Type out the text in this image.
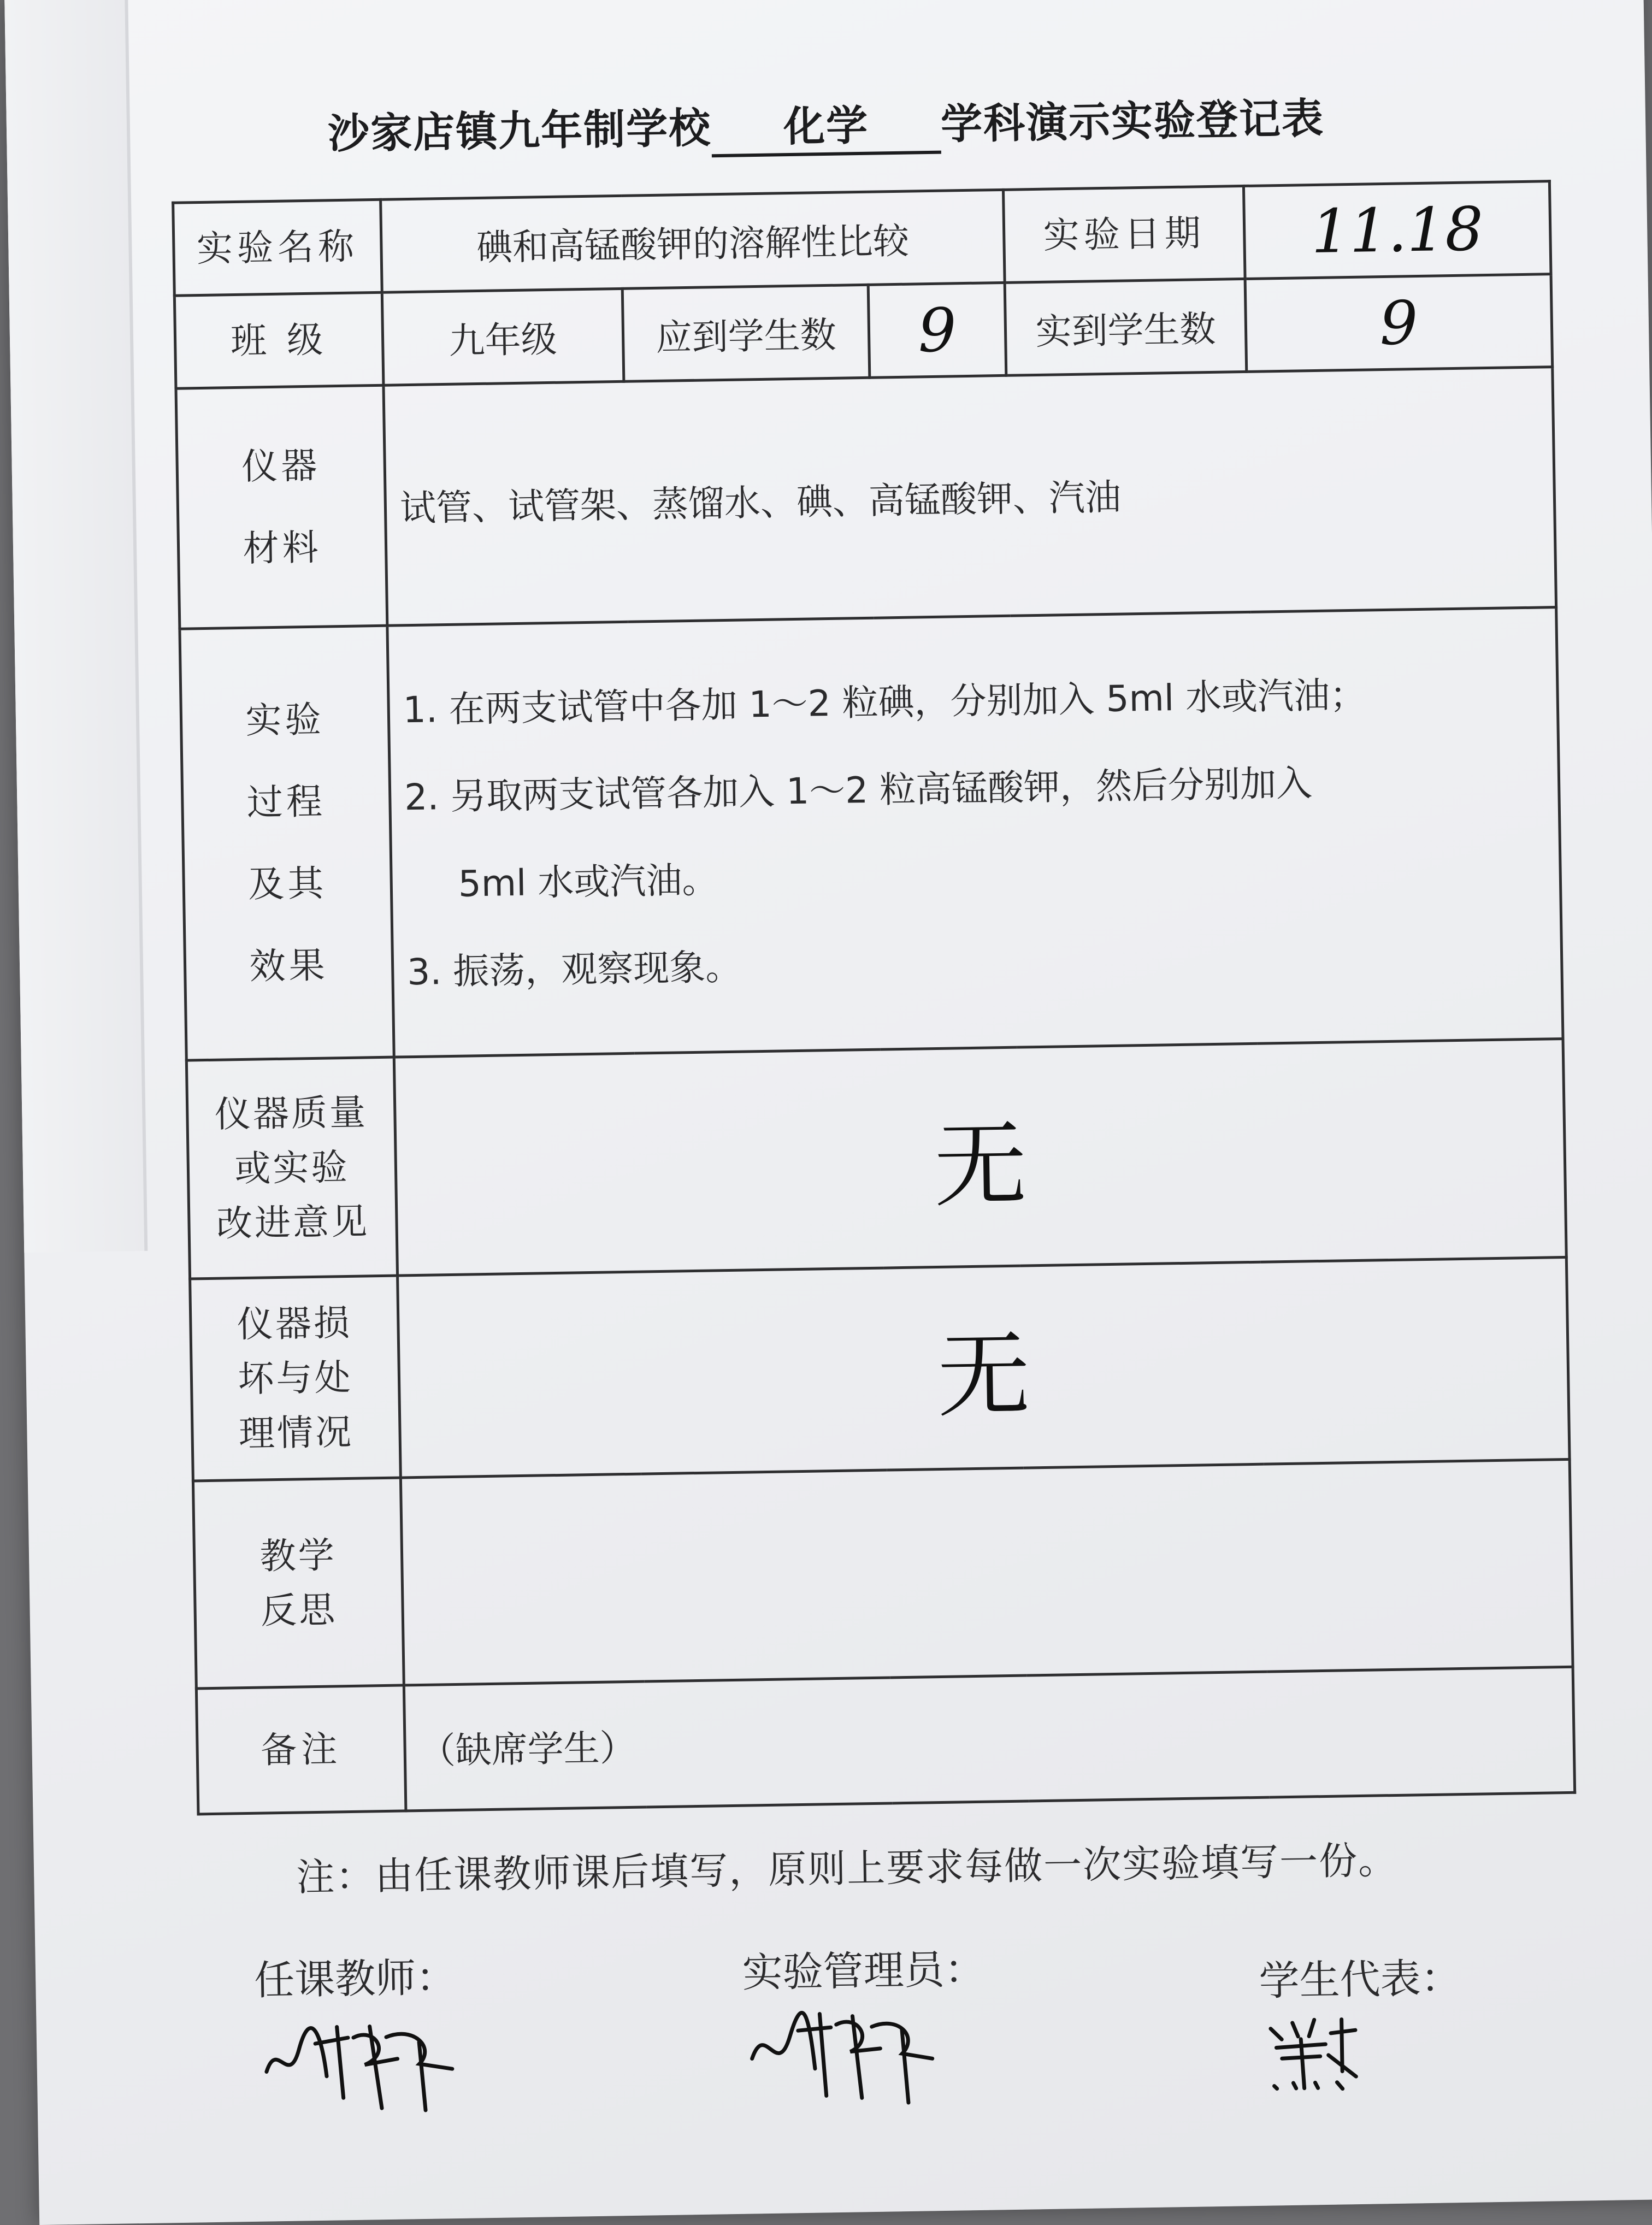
沙家店镇九年制学校 化学 学科演示实验登记表
实验名称	碘和高锰酸钾的溶解性比较			实验日期	11.18
班 级	九年级	应到学生数	9	实到学生数	9

仪器
材料	试管、试管架、蒸馏水、碘、高锰酸钾、汽油				

实验
过程
及其
效果	1. 在两支试管中各加 1～2 粒碘，分别加入 5ml 水或汽油；
2. 另取两支试管各加入 1～2 粒高锰酸钾，然后分别加入
5ml 水或汽油。
3. 振荡，观察现象。				

仪器质量
或实验
改进意见	无				

仪器损
坏与处
理情况	无				

教学
反思					

备注	（缺席学生）				
注：由任课教师课后填写，原则上要求每做一次实验填写一份。
任课教师：	实验管理员：	学生代表：
